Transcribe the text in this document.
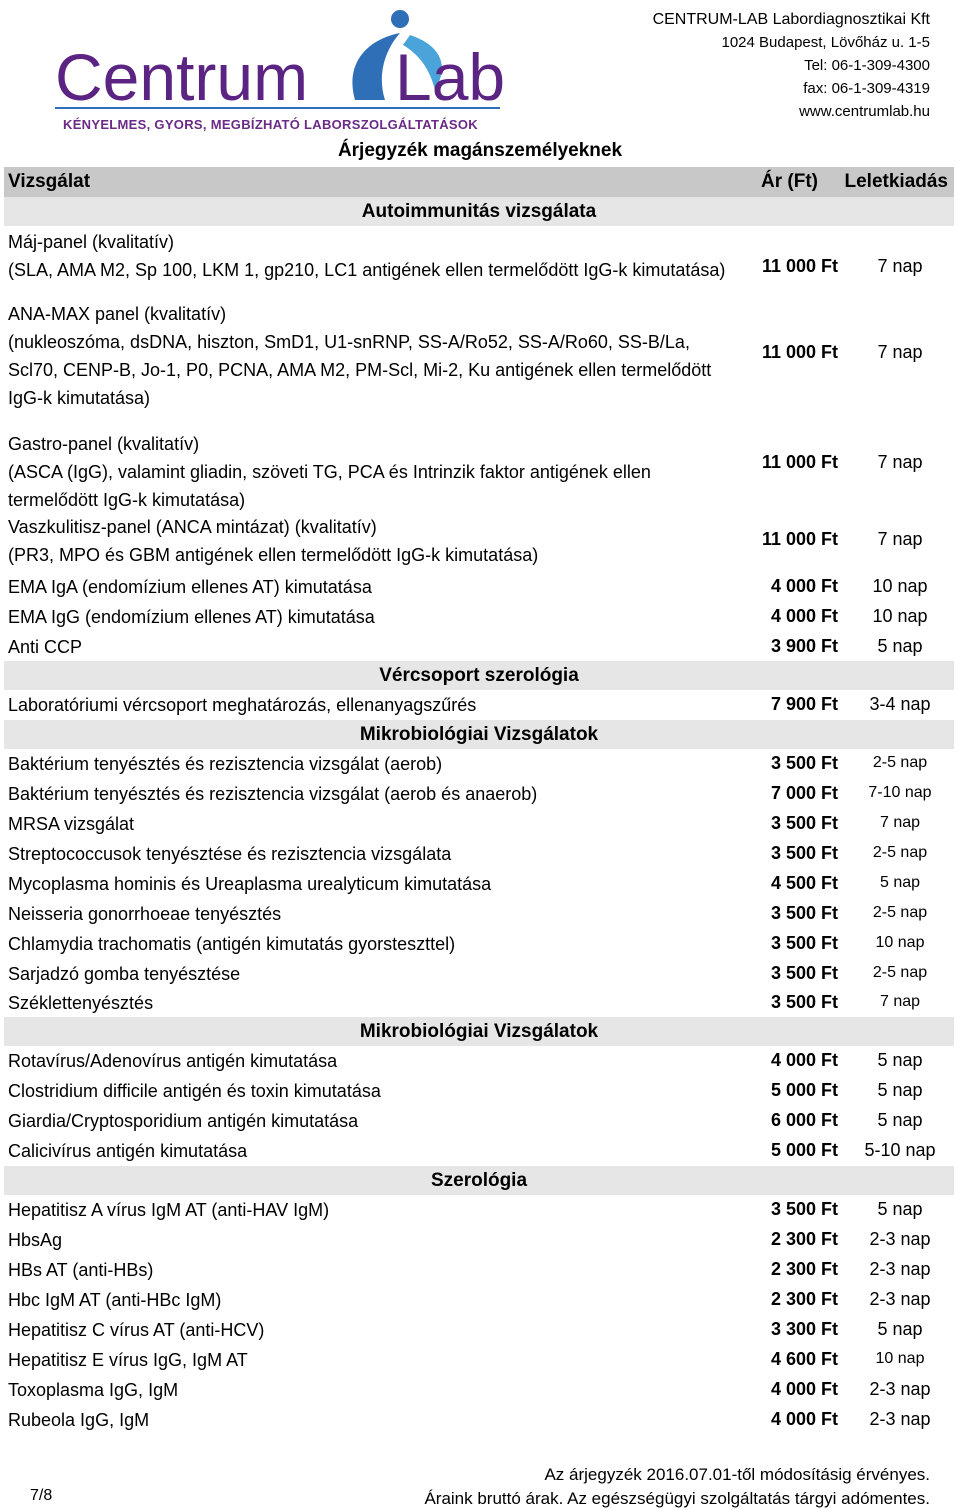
Centrum Lab
KÉNYELMES, GYORS, MEGBÍZHATÓ LABORSZOLGÁLTATÁSOK
CENTRUM-LAB Labordiagnosztikai Kft
1024 Budapest, Lövőház u. 1-5
Tel: 06-1-309-4300
fax: 06-1-309-4319
www.centrumlab.hu
Árjegyzék magánszemélyeknek
Vizsgálat	Ár (Ft) Leletkiadás
Autoimmunitás vizsgálata
Máj-panel (kvalitatív)
(SLA, AMA M2, Sp 100, LKM 1, gp210, LC1 antigének ellen termelődött IgG-k kimutatása) 11 000 Ft	7 nap
ANA-MAX panel (kvalitatív)
(nukleoszóma, dsDNA, hiszton, SmD1, U1-snRNP, SS-A/Ro52, SS-A/Ro60, SS-B/La,
Scl70, CENP-B, Jo-1, P0, PCNA, AMA M2, PM-Scl, Mi-2, Ku antigének ellen termelődött
IgG-k kimutatása)
11 000 Ft	7 nap
Gastro-panel (kvalitatív)
(ASCA (IgG), valamint gliadin, szöveti TG, PCA és Intrinzik faktor antigének ellen
termelődött IgG-k kimutatása)
11 000 Ft	7 nap
Vaszkulitisz-panel (ANCA mintázat) (kvalitatív)
(PR3, MPO és GBM antigének ellen termelődött IgG-k kimutatása)
11 000 Ft	7 nap
EMA IgA (endomízium ellenes AT) kimutatása	4 000 Ft	10 nap
EMA IgG (endomízium ellenes AT) kimutatása	4 000 Ft	10 nap
Anti CCP	3 900 Ft	5 nap
Vércsoport szerológia
Laboratóriumi vércsoport meghatározás, ellenanyagszűrés	7 900 Ft	3-4 nap
Mikrobiológiai Vizsgálatok
Baktérium tenyésztés és rezisztencia vizsgálat (aerob)	3 500 Ft	2-5 nap
Baktérium tenyésztés és rezisztencia vizsgálat (aerob és anaerob)	7 000 Ft	7-10 nap
MRSA vizsgálat	3 500 Ft	7 nap
Streptococcusok tenyésztése és rezisztencia vizsgálata	3 500 Ft	2-5 nap
Mycoplasma hominis és Ureaplasma urealyticum kimutatása	4 500 Ft	5 nap
Neisseria gonorrhoeae tenyésztés	3 500 Ft	2-5 nap
Chlamydia trachomatis (antigén kimutatás gyorsteszttel)	3 500 Ft	10 nap
Sarjadzó gomba tenyésztése	3 500 Ft	2-5 nap
Széklettenyésztés	3 500 Ft	7 nap
Mikrobiológiai Vizsgálatok
Rotavírus/Adenovírus antigén kimutatása	4 000 Ft	5 nap
Clostridium difficile antigén és toxin kimutatása	5 000 Ft	5 nap
Giardia/Cryptosporidium antigén kimutatása	6 000 Ft	5 nap
Calicivírus antigén kimutatása	5 000 Ft	5-10 nap
Szerológia
Hepatitisz A vírus IgM AT (anti-HAV IgM)	3 500 Ft	5 nap
HbsAg	2 300 Ft	2-3 nap
HBs AT (anti-HBs)	2 300 Ft	2-3 nap
Hbc IgM AT (anti-HBc IgM)	2 300 Ft	2-3 nap
Hepatitisz C vírus AT (anti-HCV)	3 300 Ft	5 nap
Hepatitisz E vírus IgG, IgM AT	4 600 Ft	10 nap
Toxoplasma IgG, IgM	4 000 Ft	2-3 nap
Rubeola IgG, IgM	4 000 Ft	2-3 nap
7/8
Az árjegyzék 2016.07.01-től módosításig érvényes.
Áraink bruttó árak. Az egészségügyi szolgáltatás tárgyi adómentes.
